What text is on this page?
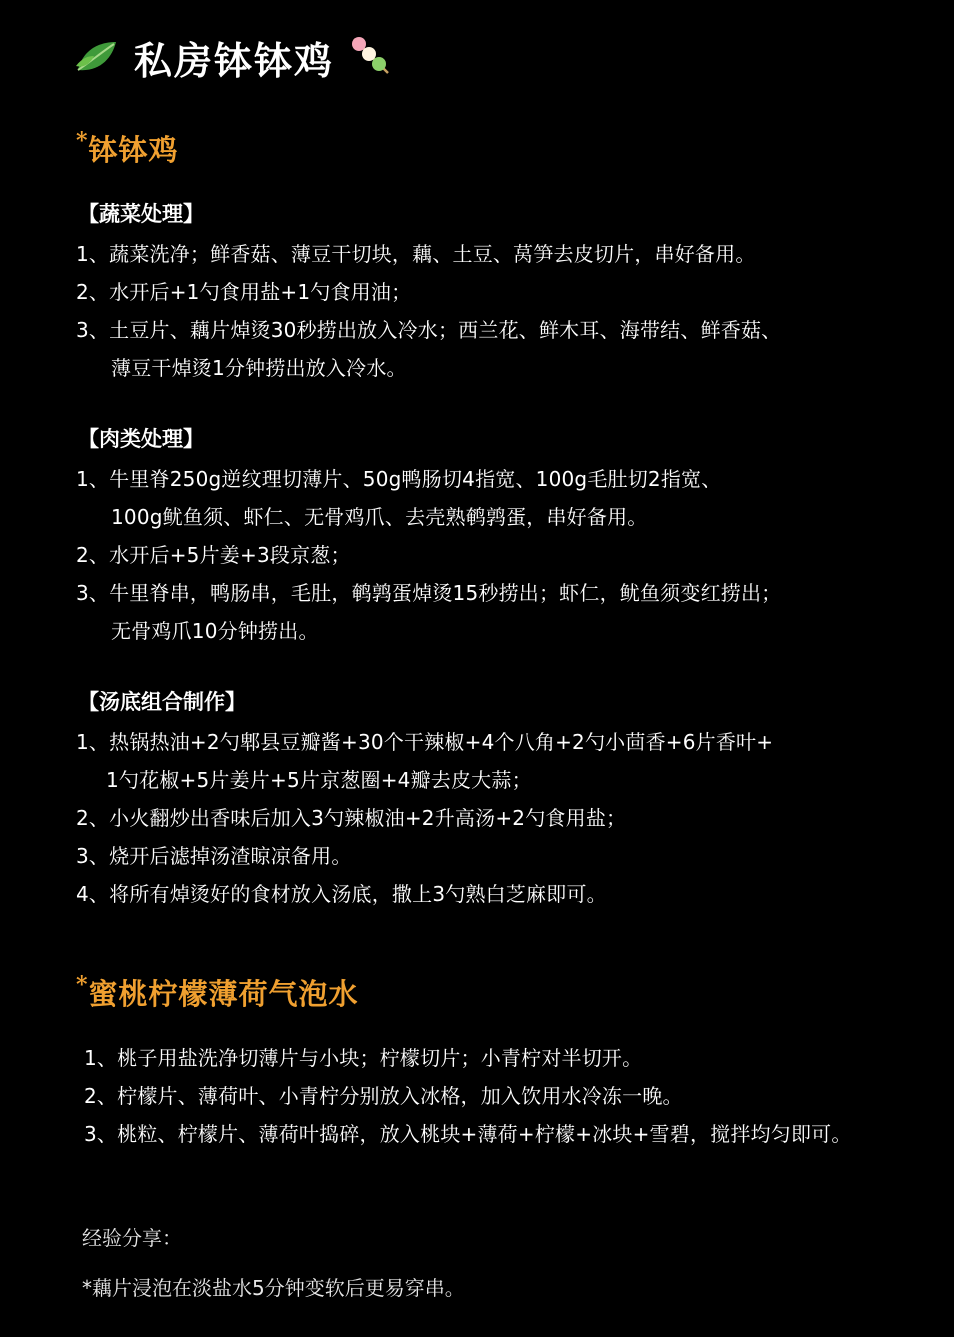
私房钵钵鸡
*钵钵鸡
【蔬菜处理】
1、蔬菜洗净；鲜香菇、薄豆干切块，藕、土豆、莴笋去皮切片，串好备用。
2、水开后+1勺食用盐+1勺食用油；
3、土豆片、藕片焯烫30秒捞出放入冷水；西兰花、鲜木耳、海带结、鲜香菇、
薄豆干焯烫1分钟捞出放入冷水。
【肉类处理】
1、牛里脊250g逆纹理切薄片、50g鸭肠切4指宽、100g毛肚切2指宽、
100g鱿鱼须、虾仁、无骨鸡爪、去壳熟鹌鹑蛋，串好备用。
2、水开后+5片姜+3段京葱；
3、牛里脊串，鸭肠串，毛肚，鹌鹑蛋焯烫15秒捞出；虾仁，鱿鱼须变红捞出；
无骨鸡爪10分钟捞出。
【汤底组合制作】
1、热锅热油+2勺郫县豆瓣酱+30个干辣椒+4个八角+2勺小茴香+6片香叶+
1勺花椒+5片姜片+5片京葱圈+4瓣去皮大蒜；
2、小火翻炒出香味后加入3勺辣椒油+2升高汤+2勺食用盐；
3、烧开后滤掉汤渣晾凉备用。
4、将所有焯烫好的食材放入汤底，撒上3勺熟白芝麻即可。
*蜜桃柠檬薄荷气泡水
1、桃子用盐洗净切薄片与小块；柠檬切片；小青柠对半切开。
2、柠檬片、薄荷叶、小青柠分别放入冰格，加入饮用水冷冻一晚。
3、桃粒、柠檬片、薄荷叶捣碎，放入桃块+薄荷+柠檬+冰块+雪碧，搅拌均匀即可。
经验分享：
*藕片浸泡在淡盐水5分钟变软后更易穿串。
